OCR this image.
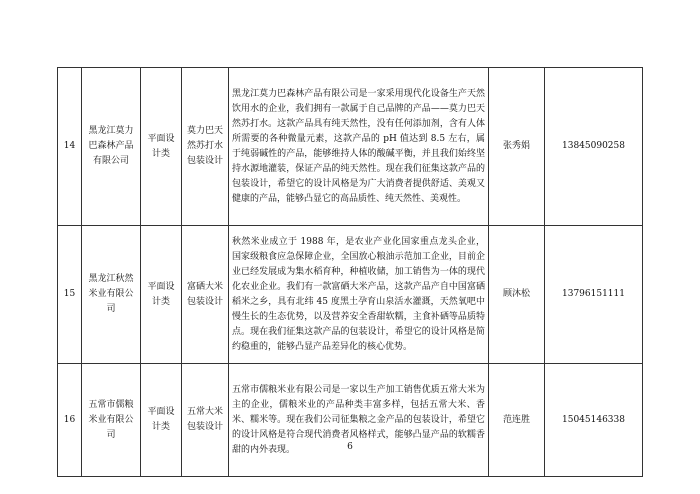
14	黑龙江莫力巴森林产品有限公司	平面设计类	莫力巴天然苏打水包装设计	黑龙江莫力巴森林产品有限公司是一家采用现代化设备生产天然饮用水的企业，我们拥有一款属于自己品牌的产品——莫力巴天然苏打水。这款产品具有纯天然性，没有任何添加剂，含有人体所需要的各种微量元素，这款产品的 pH 值达到 8.5 左右，属于纯弱碱性的产品，能够维持人体的酸碱平衡，并且我们始终坚持水源地灌装，保证产品的纯天然性。现在我们征集这款产品的包装设计，希望它的设计风格是为广大消费者提供舒适、美观又健康的产品，能够凸显它的高品质性、纯天然性、美观性。	张秀娟	13845090258
15	黑龙江秋然米业有限公司	平面设计类	富硒大米包装设计	秋然米业成立于 1988 年，是农业产业化国家重点龙头企业，国家级粮食应急保障企业，全国放心粮油示范加工企业，目前企业已经发展成为集水稻育种，种植收储，加工销售为一体的现代化农业企业。我们有一款富硒大米产品，这款产品产自中国富硒稻米之乡，具有北纬 45 度黑土孕育山泉活水灌溉，天然氧吧中慢生长的生态优势，以及营养安全香甜软糯，主食补硒等品质特点。现在我们征集这款产品的包装设计，希望它的设计风格是简约稳重的，能够凸显产品差异化的核心优势。	顾沐松	13796151111
16	五常市儒粮米业有限公司	平面设计类	五常大米包装设计	五常市儒粮米业有限公司是一家以生产加工销售优质五常大米为主的企业，儒粮米业的产品种类丰富多样，包括五常大米、香米、糯米等。现在我们公司征集粮之金产品的包装设计，希望它的设计风格是符合现代消费者风格样式，能够凸显产品的软糯香甜的内外表现。	范连胜	15045146338
6
